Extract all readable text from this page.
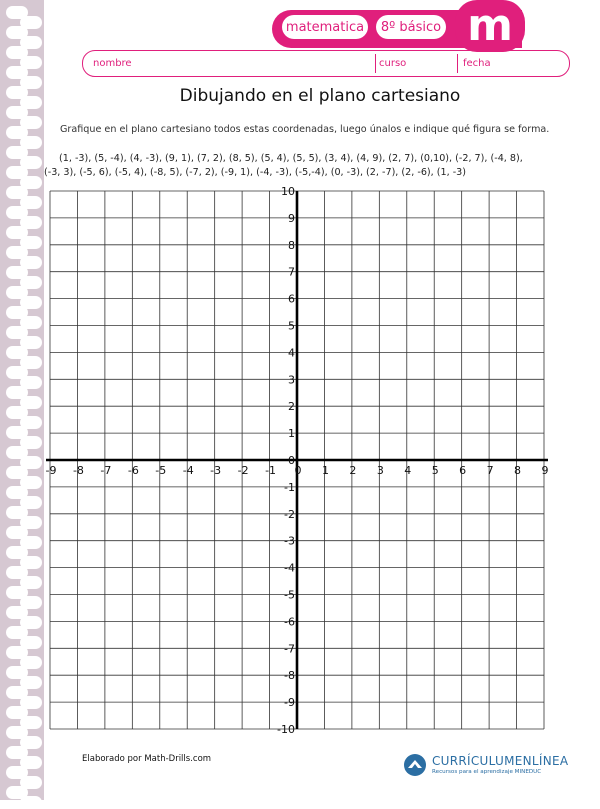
matematica	8º básico m
nombre	curso	fecha
Dibujando en el plano cartesiano
Grafique en el plano cartesiano todos estas coordenadas, luego únalos e indique qué figura se forma.
(1, -3), (5, -4), (4, -3), (9, 1), (7, 2), (8, 5), (5, 4), (5, 5), (3, 4), (4, 9), (2, 7), (0,10), (-2, 7), (-4, 8),
(-3, 3), (-5, 6), (-5, 4), (-8, 5), (-7, 2), (-9, 1), (-4, -3), (-5,-4), (0, -3), (2, -7), (2, -6), (1, -3)
-9 -8 -7 -6 -5 -4 -3 -2 -1 0 1 2 3 4 5 6 7 8 9
10
9
8
7
6
5
4
3
2
1
0
-1
-2
-3
-4
-5
-6
-7
-8
-9
-10
Elaborado por Math-Drills.com	CURRÍCULUMENLÍNEA
Recursos para el aprendizaje MINEDUC
